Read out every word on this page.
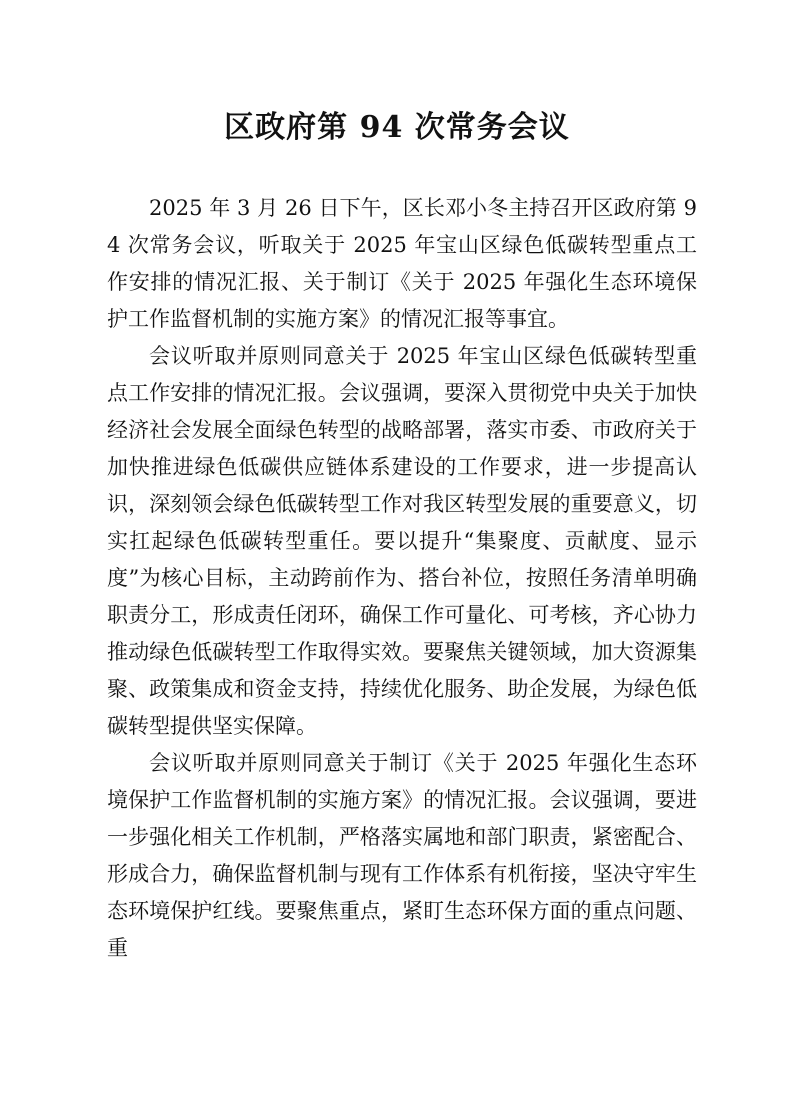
区政府第 94 次常务会议

2025 年 3 月 26 日下午，区长邓小冬主持召开区政府第 94 次常务会议，听取关于 2025 年宝山区绿色低碳转型重点工作安排的情况汇报、关于制订《关于 2025 年强化生态环境保护工作监督机制的实施方案》的情况汇报等事宜。

会议听取并原则同意关于 2025 年宝山区绿色低碳转型重点工作安排的情况汇报。会议强调，要深入贯彻党中央关于加快经济社会发展全面绿色转型的战略部署，落实市委、市政府关于加快推进绿色低碳供应链体系建设的工作要求，进一步提高认识，深刻领会绿色低碳转型工作对我区转型发展的重要意义，切实扛起绿色低碳转型重任。要以提升“集聚度、贡献度、显示度”为核心目标，主动跨前作为、搭台补位，按照任务清单明确职责分工，形成责任闭环，确保工作可量化、可考核，齐心协力推动绿色低碳转型工作取得实效。要聚焦关键领域，加大资源集聚、政策集成和资金支持，持续优化服务、助企发展，为绿色低碳转型提供坚实保障。

会议听取并原则同意关于制订《关于 2025 年强化生态环境保护工作监督机制的实施方案》的情况汇报。会议强调，要进一步强化相关工作机制，严格落实属地和部门职责，紧密配合、形成合力，确保监督机制与现有工作体系有机衔接，坚决守牢生态环境保护红线。要聚焦重点，紧盯生态环保方面的重点问题、重
